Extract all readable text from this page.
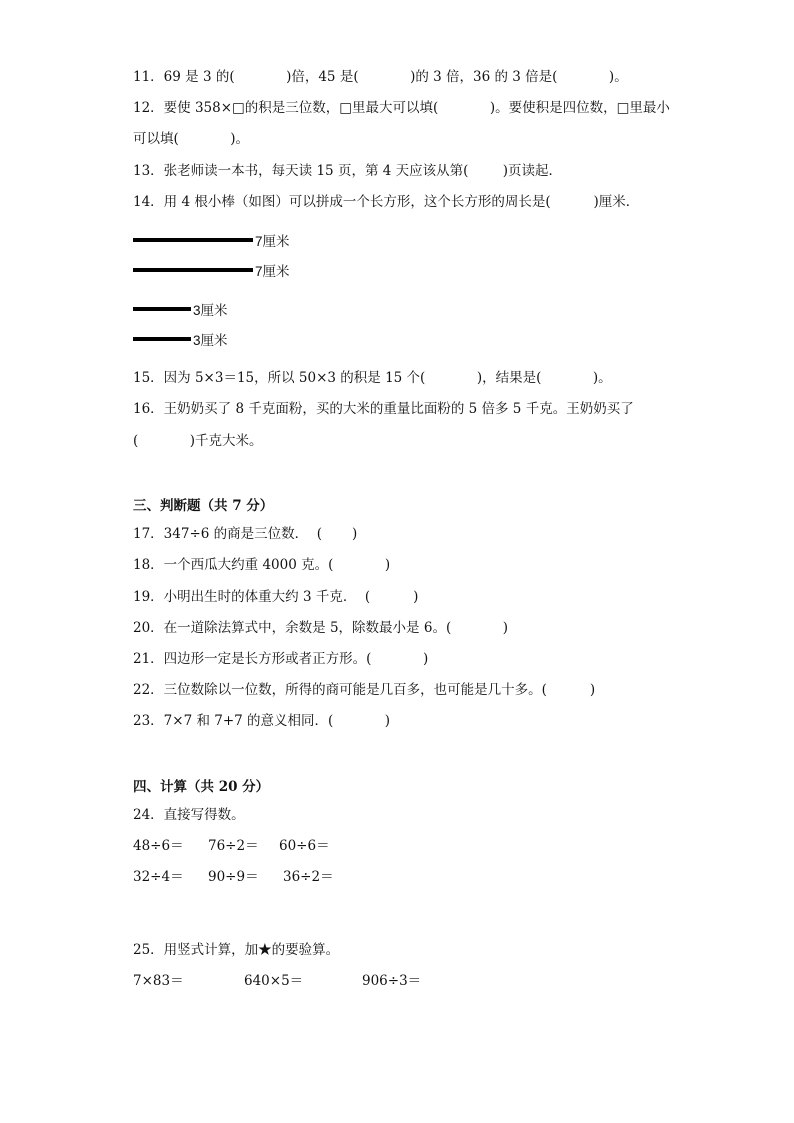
11．69 是 3 的(            )倍，45 是(            )的 3 倍，36 的 3 倍是(            )。
12．要使 358×□的积是三位数，□里最大可以填(            )。要使积是四位数，□里最小
可以填(            )。
13．张老师读一本书，每天读 15 页，第 4 天应该从第(        )页读起．
14．用 4 根小棒（如图）可以拼成一个长方形，这个长方形的周长是(          )厘米．
7厘米
7厘米
3厘米
3厘米
15．因为 5×3＝15，所以 50×3 的积是 15 个(            )，结果是(            )。
16．王奶奶买了 8 千克面粉，买的大米的重量比面粉的 5 倍多 5 千克。王奶奶买了
(            )千克大米。
三、判断题（共 7 分）
17．347÷6 的商是三位数．  (       )
18．一个西瓜大约重 4000 克。(            )
19．小明出生时的体重大约 3 千克．  (          )
20．在一道除法算式中，余数是 5，除数最小是 6。(            )
21．四边形一定是长方形或者正方形。(            )
22．三位数除以一位数，所得的商可能是几百多，也可能是几十多。(          )
23．7×7 和 7+7 的意义相同．(            )
四、计算（共 20 分）
24．直接写得数。

48÷6＝

76÷2＝

60÷6＝

32÷4＝

90÷9＝

36÷2＝

25．用竖式计算，加★的要验算。

7×83＝

	640×5＝

	906÷3＝
